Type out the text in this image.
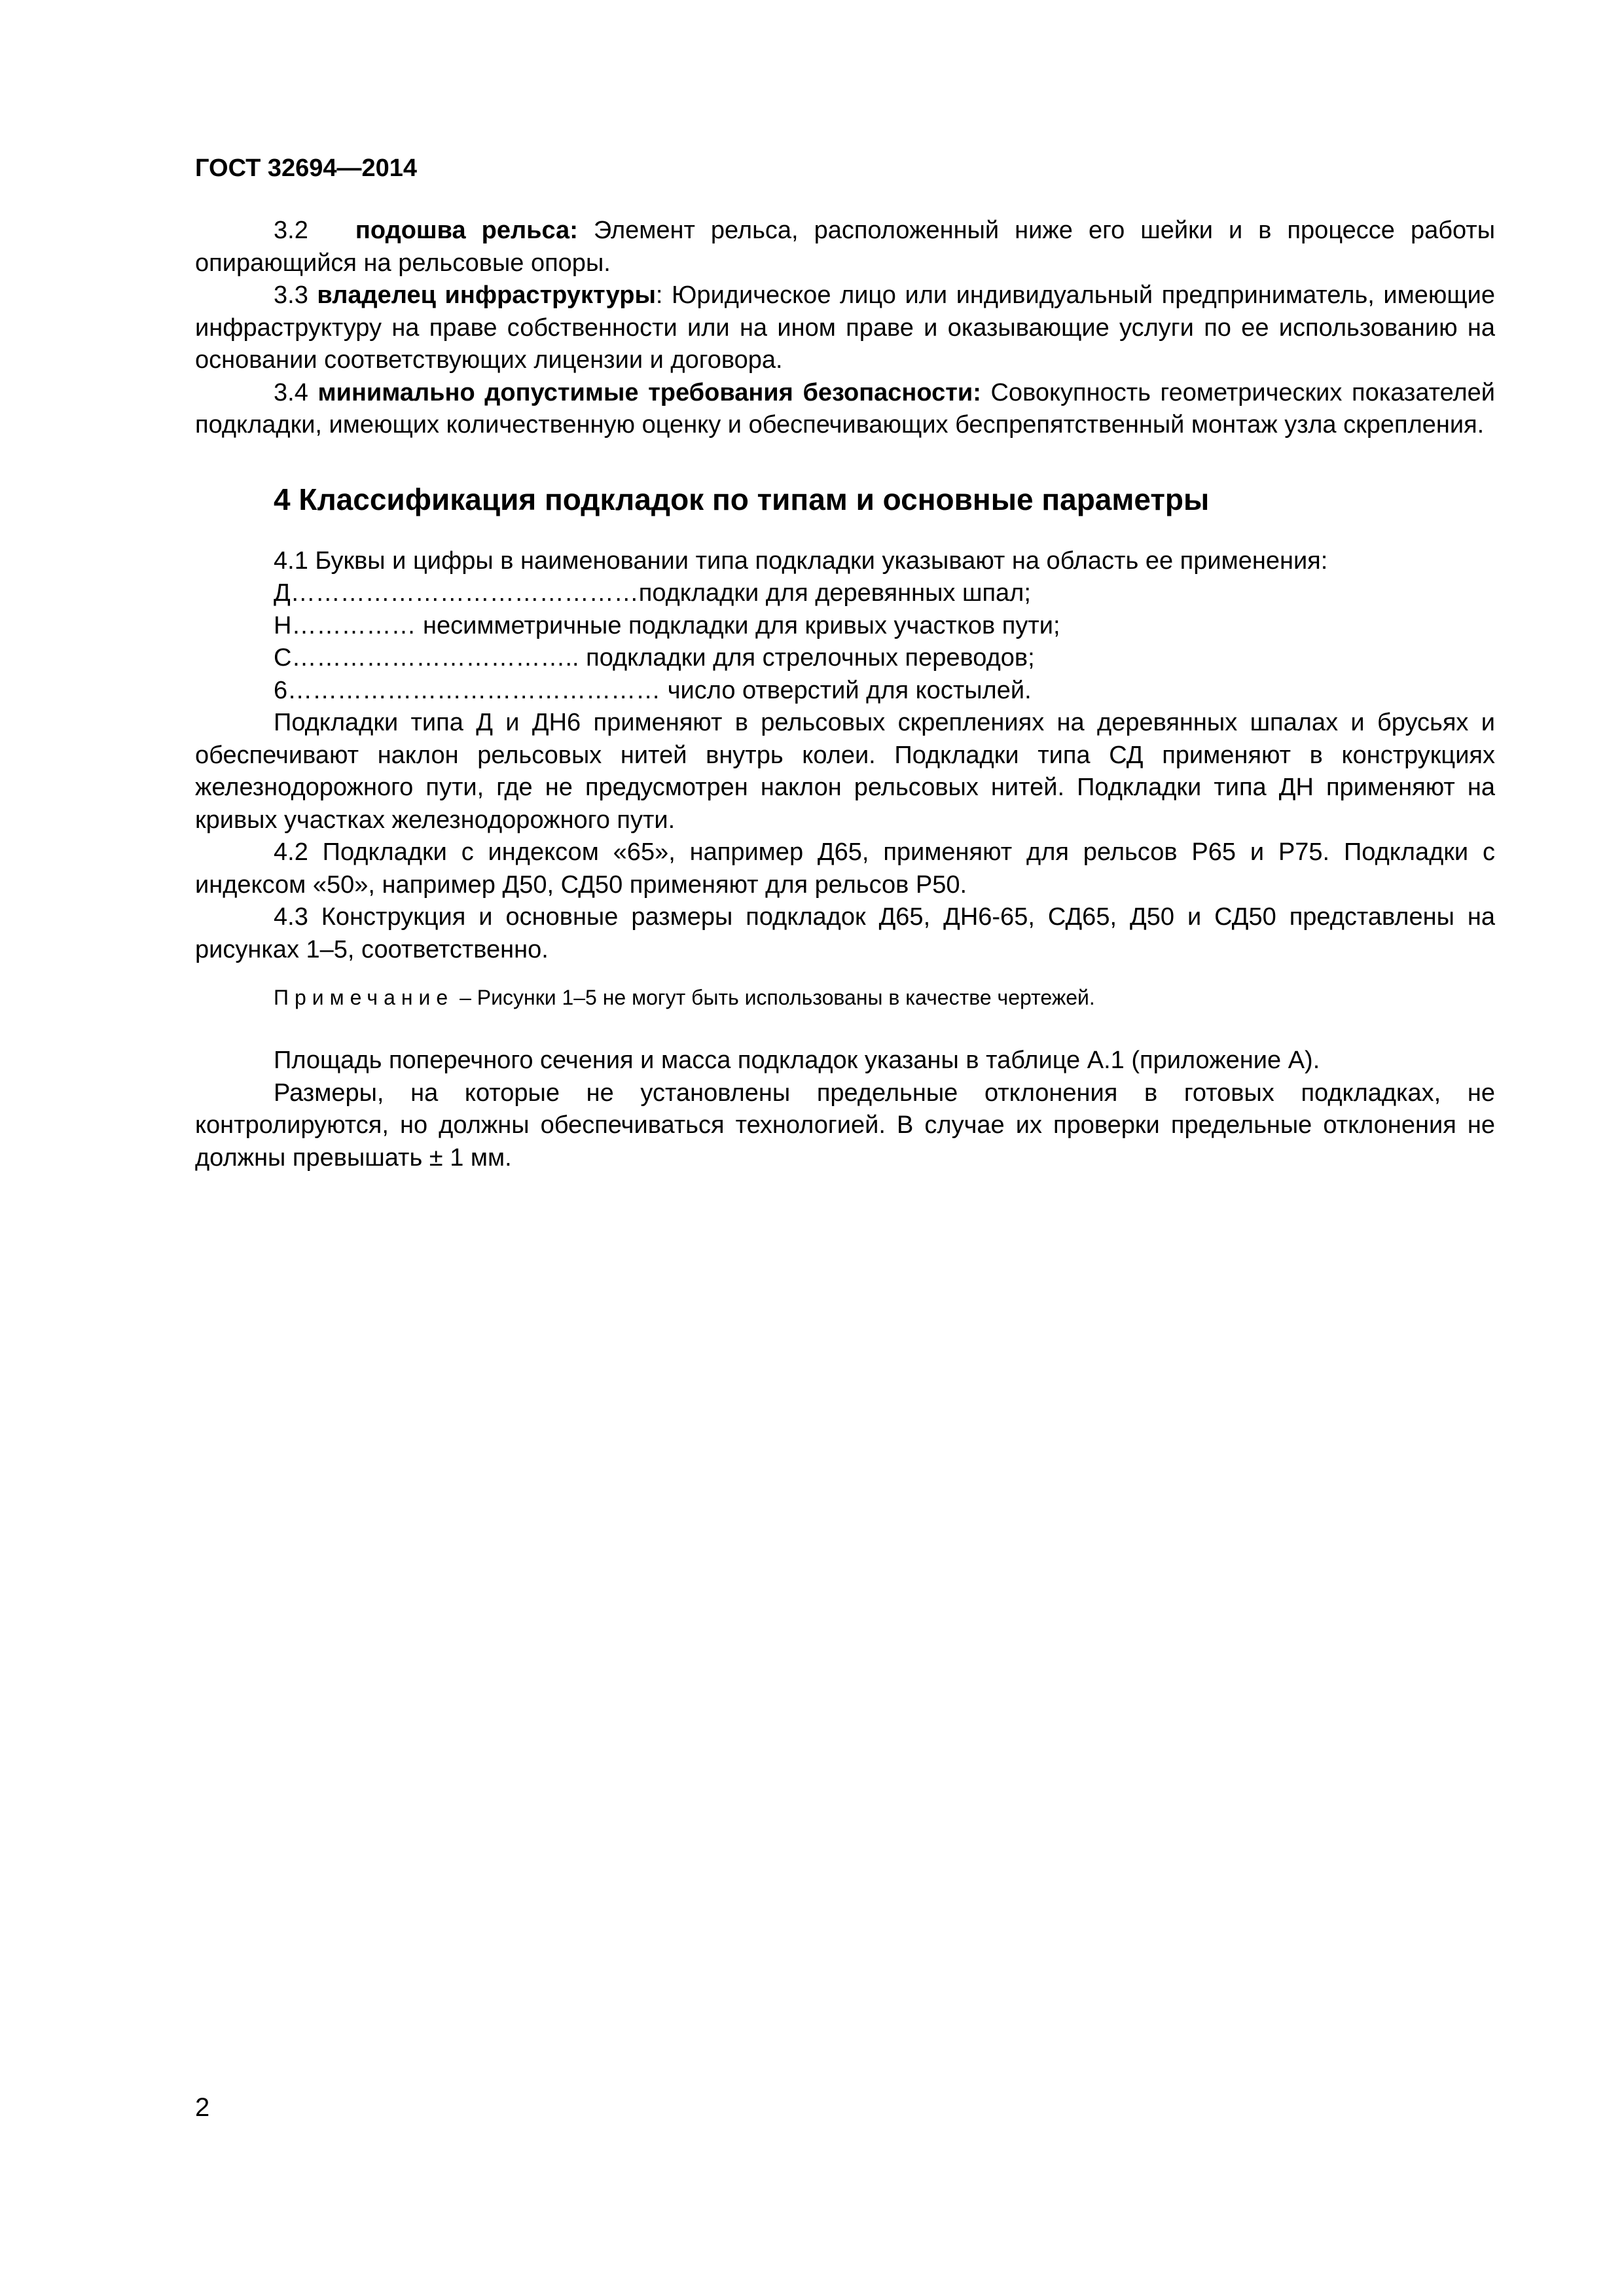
ГОСТ 32694—2014

3.2 подошва рельса: Элемент рельса, расположенный ниже его шейки и в процессе работы опирающийся на рельсовые опоры.

3.3 владелец инфраструктуры: Юридическое лицо или индивидуальный предприниматель, имеющие инфраструктуру на праве собственности или на ином праве и оказывающие услуги по ее использованию на основании соответствующих лицензии и договора.

3.4 минимально допустимые требования безопасности: Совокупность геометрических показателей подкладки, имеющих количественную оценку и обеспечивающих беспрепятственный монтаж узла скрепления.

4 Классификация подкладок по типам и основные параметры

4.1 Буквы и цифры в наименовании типа подкладки указывают на область ее применения:

Д……………………………………подкладки для деревянных шпал;

Н…………… несимметричные подкладки для кривых участков пути;

С…………………………….. подкладки для стрелочных переводов;

6……………………………………… число отверстий для костылей.

Подкладки типа Д и ДН6 применяют в рельсовых скреплениях на деревянных шпалах и брусьях и обеспечивают наклон рельсовых нитей внутрь колеи. Подкладки типа СД применяют в конструкциях железнодорожного пути, где не предусмотрен наклон рельсовых нитей. Подкладки типа ДН применяют на кривых участках железнодорожного пути.

4.2 Подкладки с индексом «65», например Д65, применяют для рельсов Р65 и Р75. Подкладки с индексом «50», например Д50, СД50 применяют для рельсов Р50.

4.3 Конструкция и основные размеры подкладок Д65, ДН6-65, СД65, Д50 и СД50 представлены на рисунках 1–5, соответственно.

Примечание – Рисунки 1–5 не могут быть использованы в качестве чертежей.

Площадь поперечного сечения и масса подкладок указаны в таблице А.1 (приложение А).

Размеры, на которые не установлены предельные отклонения в готовых подкладках, не контролируются, но должны обеспечиваться технологией. В случае их проверки предельные отклонения не должны превышать ± 1 мм.

2
